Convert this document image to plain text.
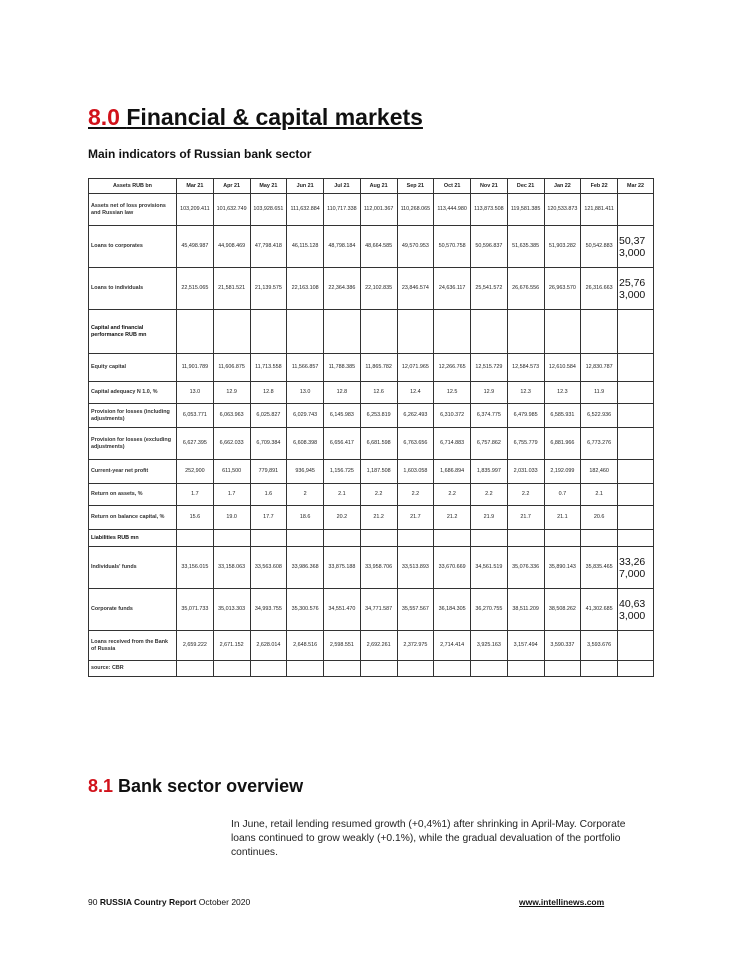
8.0 Financial & capital markets
Main indicators of Russian bank sector
Assets RUB bn	Mar 21	Apr 21	May 21	Jun 21	Jul 21	Aug 21	Sep 21	Oct 21	Nov 21	Dec 21	Jan 22	Feb 22	Mar 22
Assets net of loss provisions and Russian law	103,209.411	101,632.749	103,928.651	111,632.884	110,717.338	112,001.367	110,268.065	113,444.980	113,873.508	119,581.385	120,533.873	121,881.411	
Loans to corporates	45,498.987	44,908.469	47,798.418	46,115.128	48,798.184	48,664.585	49,570.953	50,570.758	50,596.837	51,635.385	51,903.282	50,542.883	50,37 3,000
Loans to individuals	22,515.065	21,581.521	21,139.575	22,163.108	22,364.386	22,102.835	23,846.574	24,636.117	25,541.572	26,676.556	26,963.570	26,316.663	25,76 3,000
Capital and financial performance RUB mn													
Equity capital	11,901.789	11,606.875	11,713.558	11,566.857	11,788.385	11,865.782	12,071.965	12,266.765	12,515.729	12,584.573	12,610.584	12,830.787	
Capital adequacy N 1.0, %	13.0	12.9	12.8	13.0	12.8	12.6	12.4	12.5	12.9	12.3	12.3	11.9	
Provision for losses (including adjustments)	6,053.771	6,063.963	6,025.827	6,029.743	6,145.983	6,253.819	6,262.493	6,310.372	6,374.775	6,479.985	6,585.931	6,522.936	
Provision for losses (excluding adjustments)	6,627.395	6,662.033	6,709.384	6,608.398	6,656.417	6,681.598	6,763.656	6,714.883	6,757.862	6,755.779	6,881.966	6,773.276	
Current-year net profit	252,900	611,500	779,891	936,945	1,156.725	1,187.508	1,603.058	1,686.894	1,835.997	2,031.033	2,192.099	182,460	
Return on assets, %	1.7	1.7	1.6	2	2.1	2.2	2.2	2.2	2.2	2.2	0.7	2.1	
Return on balance capital, %	15.6	19.0	17.7	18.6	20.2	21.2	21.7	21.2	21.9	21.7	21.1	20.6	
Liabilities RUB mn													
Individuals' funds	33,156.015	33,158.063	33,563.608	33,986.368	33,875.188	33,958.706	33,513.893	33,670.669	34,561.519	35,076.336	35,890.143	35,835.465	33,26 7,000
Corporate funds	35,071.733	35,013.303	34,993.755	35,300.576	34,551.470	34,771.587	35,557.567	36,184.305	36,270.755	38,511.209	38,508.262	41,302.685	40,63 3,000
Loans received from the Bank of Russia	2,659.222	2,671.152	2,628.014	2,648.516	2,598.551	2,692.261	2,372.975	2,714.414	3,925.163	3,157.494	3,590.337	3,593.676	
source: CBR													
8.1 Bank sector overview
In June, retail lending resumed growth (+0,4%1) after shrinking in April-May. Corporate loans continued to grow weakly (+0.1%), while the gradual devaluation of the portfolio continues.
90 RUSSIA Country Report October 2020	www.intellinews.com
